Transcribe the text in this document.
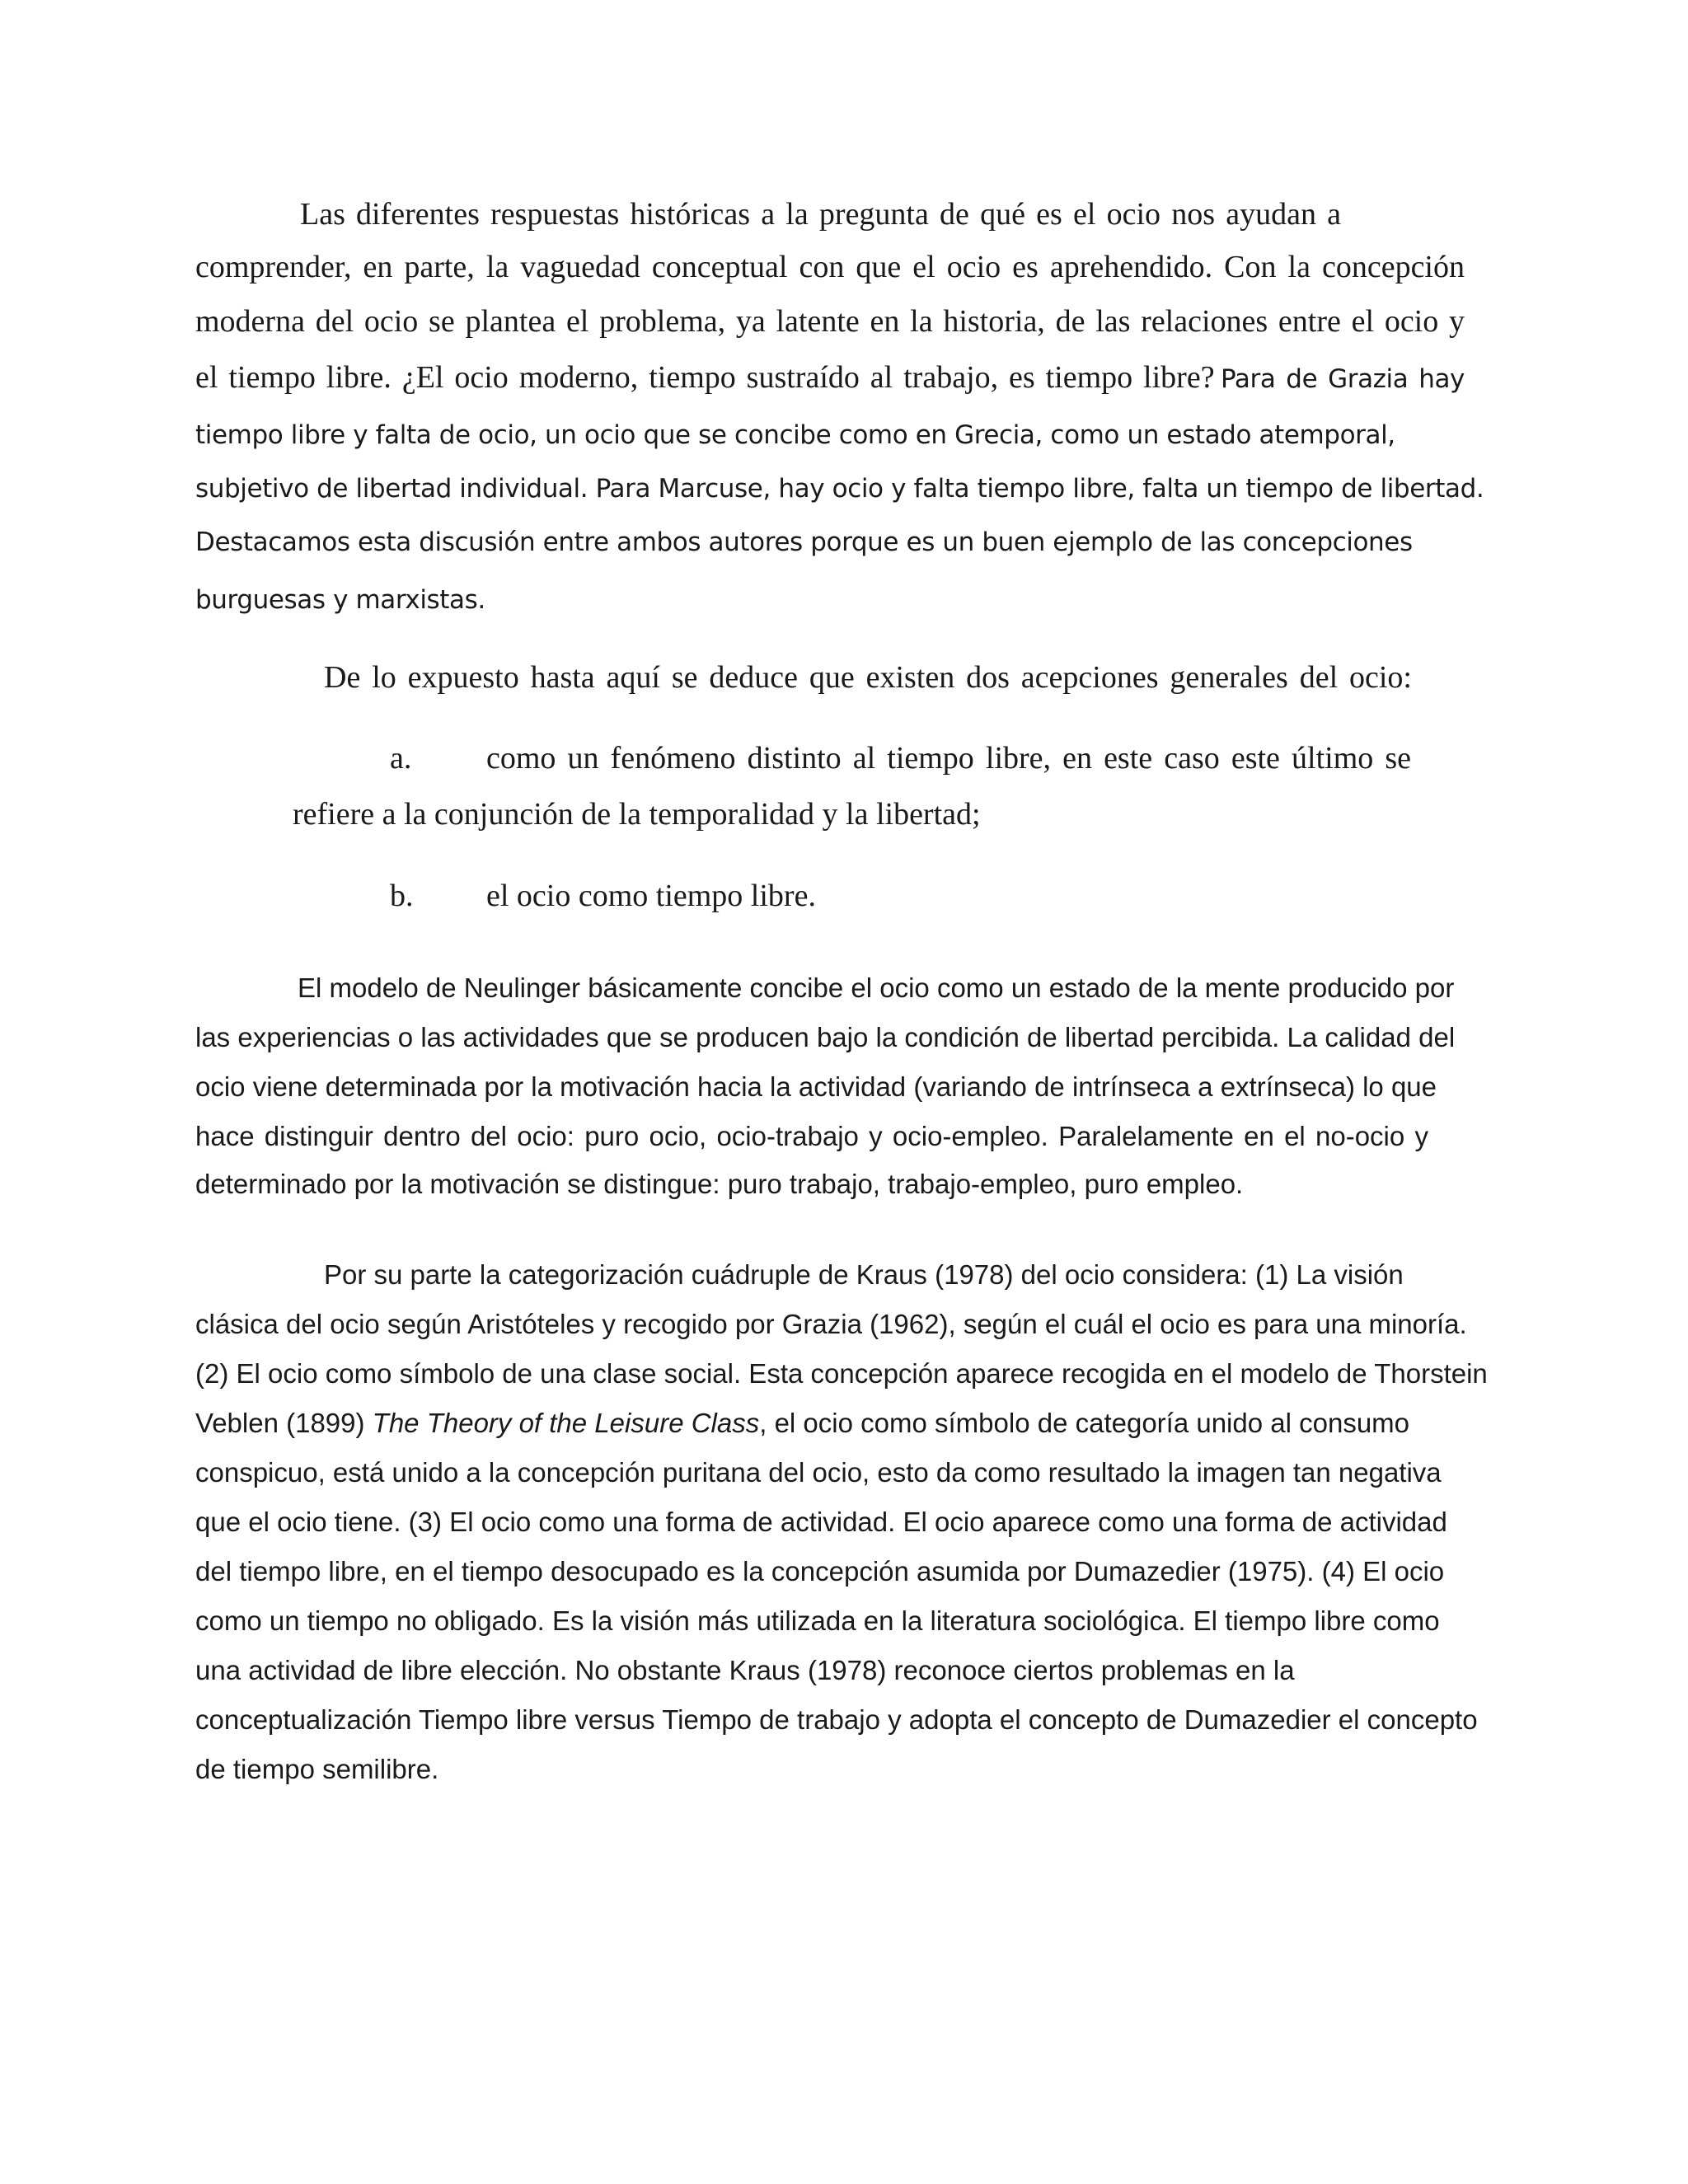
Las diferentes respuestas históricas a la pregunta de qué es el ocio nos ayudan a
comprender, en parte, la vaguedad conceptual con que el ocio es aprehendido. Con la concepción
moderna del ocio se plantea el problema, ya latente en la historia, de las relaciones entre el ocio y
el tiempo libre. ¿El ocio moderno, tiempo sustraído al trabajo, es tiempo libre? Para de Grazia hay
tiempo libre y falta de ocio, un ocio que se concibe como en Grecia, como un estado atemporal,
subjetivo de libertad individual. Para Marcuse, hay ocio y falta tiempo libre, falta un tiempo de libertad.
Destacamos esta discusión entre ambos autores porque es un buen ejemplo de las concepciones
burguesas y marxistas.
De lo expuesto hasta aquí se deduce que existen dos acepciones generales del ocio:
a. como un fenómeno distinto al tiempo libre, en este caso este último se
refiere a la conjunción de la temporalidad y la libertad;
b. el ocio como tiempo libre.
El modelo de Neulinger básicamente concibe el ocio como un estado de la mente producido por
las experiencias o las actividades que se producen bajo la condición de libertad percibida. La calidad del
ocio viene determinada por la motivación hacia la actividad (variando de intrínseca a extrínseca) lo que
hace distinguir dentro del ocio: puro ocio, ocio-trabajo y ocio-empleo. Paralelamente en el no-ocio y
determinado por la motivación se distingue: puro trabajo, trabajo-empleo, puro empleo.
Por su parte la categorización cuádruple de Kraus (1978) del ocio considera: (1) La visión
clásica del ocio según Aristóteles y recogido por Grazia (1962), según el cuál el ocio es para una minoría.
(2) El ocio como símbolo de una clase social. Esta concepción aparece recogida en el modelo de Thorstein
Veblen (1899) The Theory of the Leisure Class, el ocio como símbolo de categoría unido al consumo
conspicuo, está unido a la concepción puritana del ocio, esto da como resultado la imagen tan negativa
que el ocio tiene. (3) El ocio como una forma de actividad. El ocio aparece como una forma de actividad
del tiempo libre, en el tiempo desocupado es la concepción asumida por Dumazedier (1975). (4) El ocio
como un tiempo no obligado. Es la visión más utilizada en la literatura sociológica. El tiempo libre como
una actividad de libre elección. No obstante Kraus (1978) reconoce ciertos problemas en la
conceptualización Tiempo libre versus Tiempo de trabajo y adopta el concepto de Dumazedier el concepto
de tiempo semilibre.
